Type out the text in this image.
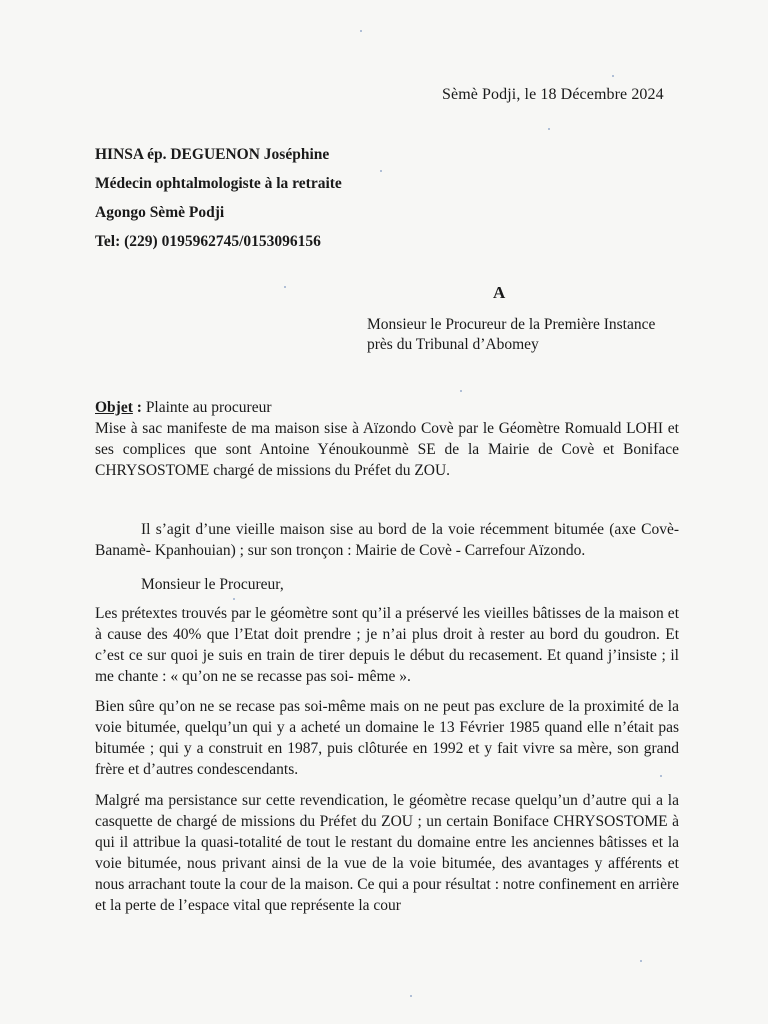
Sèmè Podji, le 18 Décembre 2024
HINSA ép. DEGUENON Joséphine
Médecin ophtalmologiste à la retraite
Agongo Sèmè Podji
Tel: (229) 0195962745/0153096156
A
Monsieur le Procureur de la Première Instance
près du Tribunal d’Abomey
Objet : Plainte au procureur
Mise à sac manifeste de ma maison sise à Aïzondo Covè par le Géomètre Romuald LOHI et ses complices que sont Antoine Yénoukounmè SE de la Mairie de Covè et Boniface CHRYSOSTOME chargé de missions du Préfet du ZOU.
Il s’agit d’une vieille maison sise au bord de la voie récemment bitumée (axe Covè- Banamè- Kpanhouian) ; sur son tronçon : Mairie de Covè - Carrefour Aïzondo.
Monsieur le Procureur,
Les prétextes trouvés par le géomètre sont qu’il a préservé les vieilles bâtisses de la maison et à cause des 40% que l’Etat doit prendre ; je n’ai plus droit à rester au bord du goudron. Et c’est ce sur quoi je suis en train de tirer depuis le début du recasement. Et quand j’insiste ; il me chante : « qu’on ne se recasse pas soi- même ».
Bien sûre qu’on ne se recase pas soi-même mais on ne peut pas exclure de la proximité de la voie bitumée, quelqu’un qui y a acheté un domaine le 13 Février 1985 quand elle n’était pas bitumée ; qui y a construit en 1987, puis clôturée en 1992 et y fait vivre sa mère, son grand frère et d’autres condescendants.
Malgré ma persistance sur cette revendication, le géomètre recase quelqu’un d’autre qui a la casquette de chargé de missions du Préfet du ZOU ; un certain Boniface CHRYSOSTOME à qui il attribue la quasi-totalité de tout le restant du domaine entre les anciennes bâtisses et la voie bitumée, nous privant ainsi de la vue de la voie bitumée, des avantages y afférents et nous arrachant toute la cour de la maison. Ce qui a pour résultat : notre confinement en arrière et la perte de l’espace vital que représente la cour
